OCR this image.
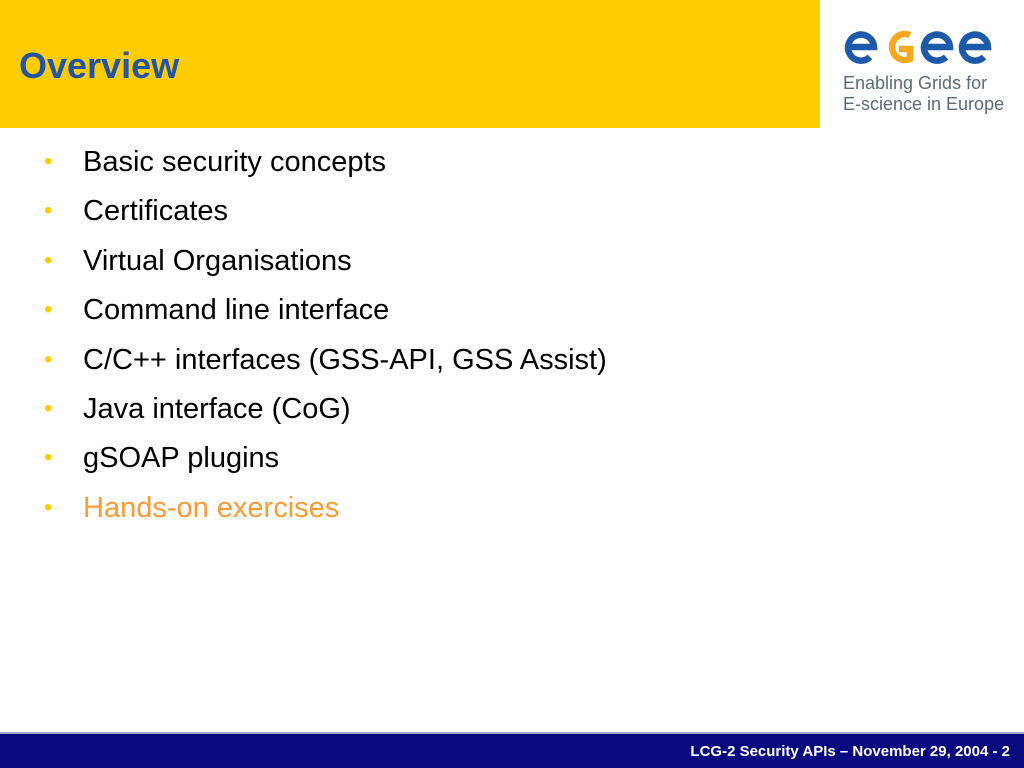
Overview	Enabling Grids for
E-science in Europe
• Basic security concepts
• Certificates
• Virtual Organisations
• Command line interface
• C/C++ interfaces (GSS-API, GSS Assist)
• Java interface (CoG)
• gSOAP plugins
• Hands-on exercises
LCG-2 Security APIs – November 29, 2004 - 2
